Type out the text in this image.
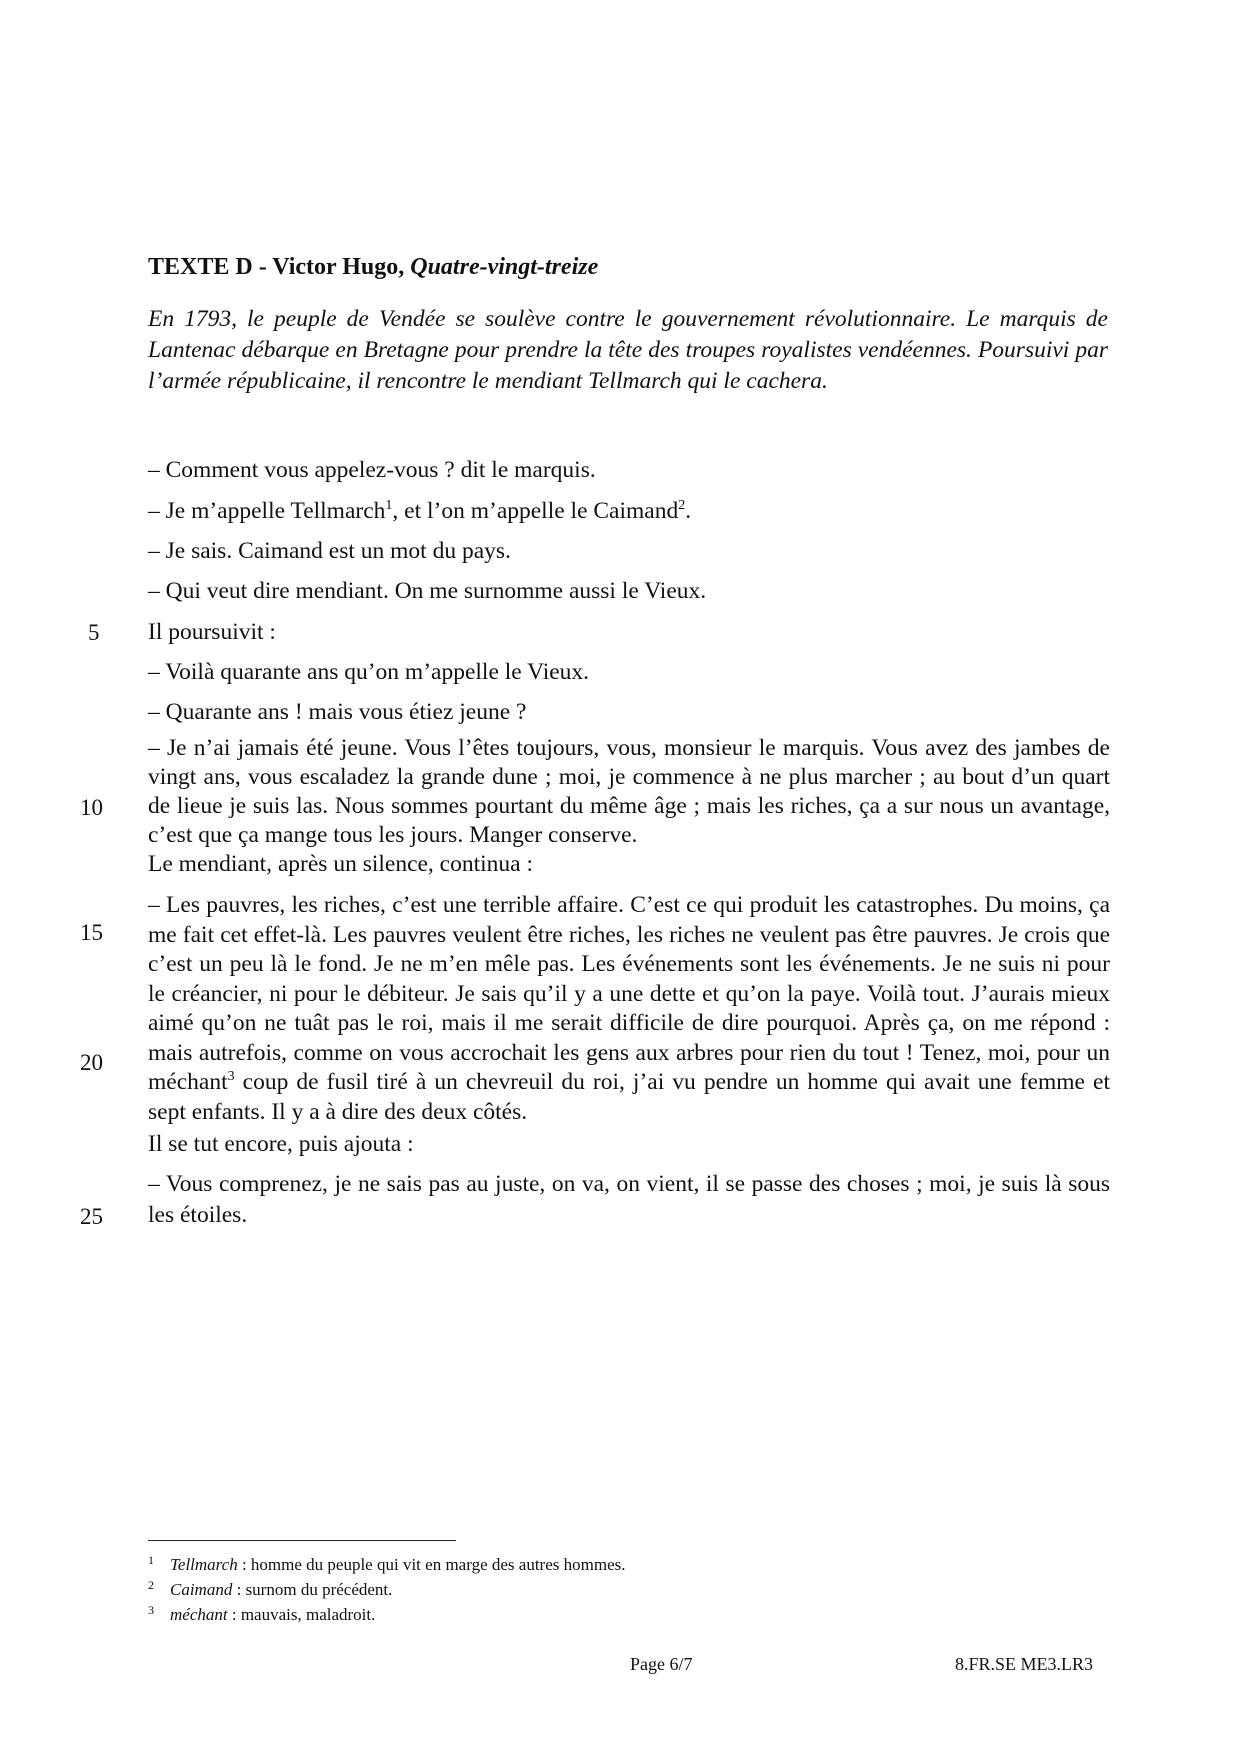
TEXTE D - Victor Hugo, Quatre-vingt-treize
En 1793, le peuple de Vendée se soulève contre le gouvernement révolutionnaire. Le marquis de Lantenac débarque en Bretagne pour prendre la tête des troupes royalistes vendéennes. Poursuivi par l’armée républicaine, il rencontre le mendiant Tellmarch qui le cachera.
– Comment vous appelez-vous ? dit le marquis.
– Je m’appelle Tellmarch$^1$, et l’on m’appelle le Caimand$^2$.
– Je sais. Caimand est un mot du pays.
– Qui veut dire mendiant. On me surnomme aussi le Vieux.
5	Il poursuivit :
– Voilà quarante ans qu’on m’appelle le Vieux.
– Quarante ans ! mais vous étiez jeune ?
– Je n’ai jamais été jeune. Vous l’êtes toujours, vous, monsieur le marquis. Vous avez des jambes de vingt ans, vous escaladez la grande dune ; moi, je commence à ne plus marcher ; au bout d’un quart de lieue je suis las. Nous sommes pourtant du même âge ; mais les riches, ça a sur nous un avantage, c’est que ça mange tous les jours. Manger conserve.
10
Le mendiant, après un silence, continua :
– Les pauvres, les riches, c’est une terrible affaire. C’est ce qui produit les catastrophes. Du moins, ça me fait cet effet-là. Les pauvres veulent être riches, les riches ne veulent pas être pauvres. Je crois que c’est un peu là le fond. Je ne m’en mêle pas. Les événements sont les événements. Je ne suis ni pour le créancier, ni pour le débiteur. Je sais qu’il y a une dette et qu’on la paye. Voilà tout. J’aurais mieux aimé qu’on ne tuât pas le roi, mais il me serait difficile de dire pourquoi. Après ça, on me répond : mais autrefois, comme on vous accrochait les gens aux arbres pour rien du tout ! Tenez, moi, pour un méchant$^3$ coup de fusil tiré à un chevreuil du roi, j’ai vu pendre un homme qui avait une femme et sept enfants. Il y a à dire des deux côtés.
15
20
Il se tut encore, puis ajouta :
– Vous comprenez, je ne sais pas au juste, on va, on vient, il se passe des choses ; moi, je suis là sous les étoiles.
25
1 Tellmarch : homme du peuple qui vit en marge des autres hommes.
2 Caimand : surnom du précédent.
3 méchant : mauvais, maladroit.
Page 6/7	8.FR.SE ME3.LR3
